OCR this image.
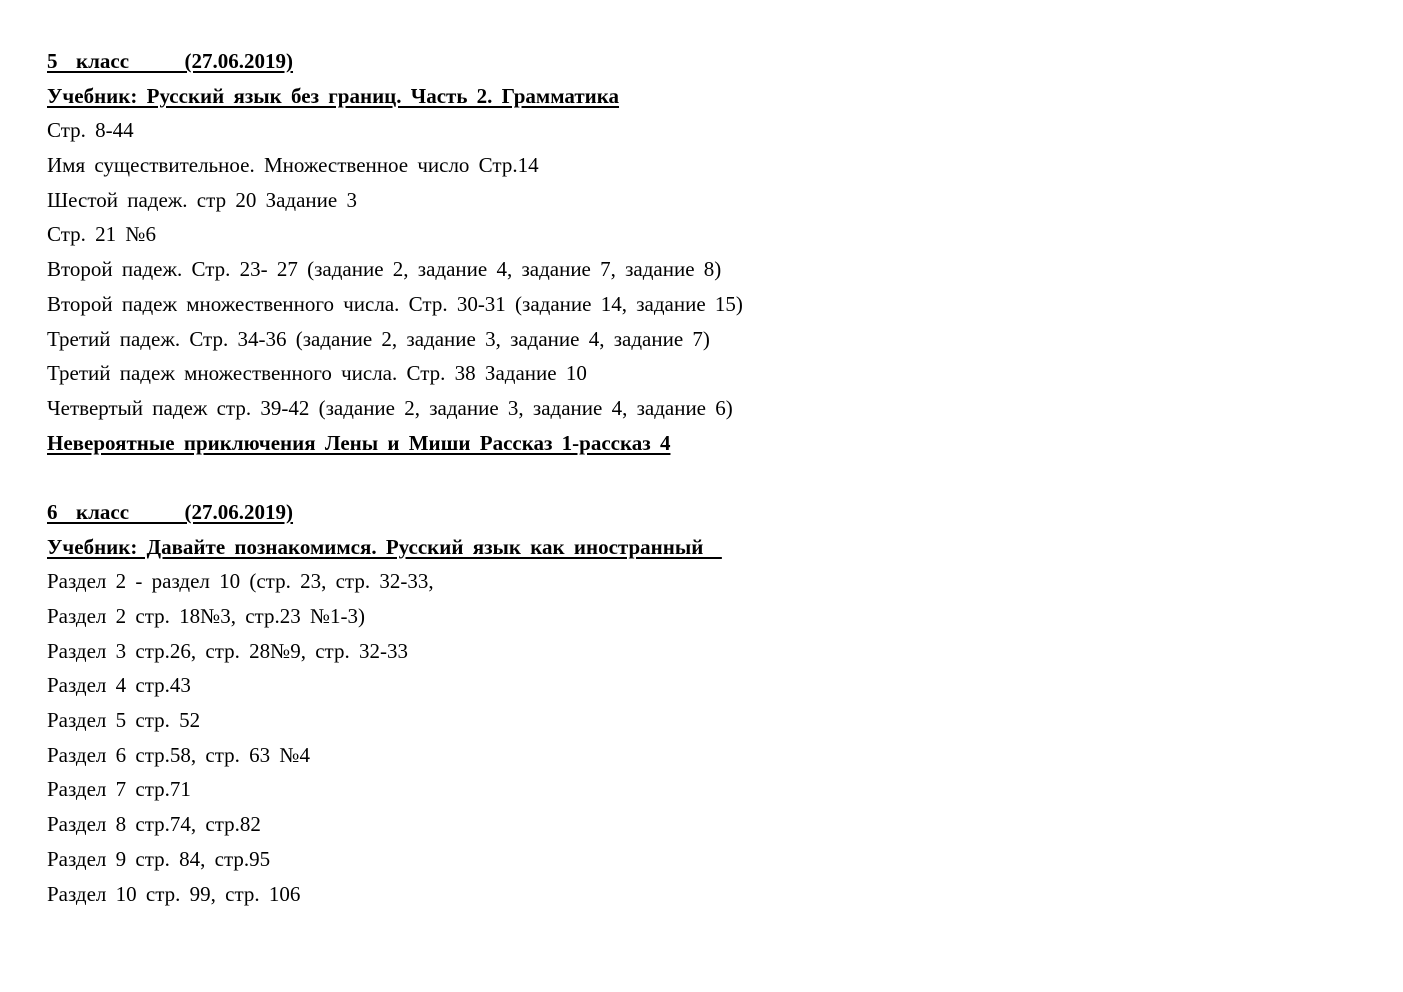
5  класс      (27.06.2019)
Учебник: Русский язык без границ. Часть 2. Грамматика
Стр. 8-44
Имя существительное. Множественное число Стр.14
Шестой падеж. стр 20 Задание 3
Стр. 21 №6
Второй падеж. Стр. 23- 27 (задание 2, задание 4, задание 7, задание 8)
Второй падеж множественного числа. Стр. 30-31 (задание 14, задание 15)
Третий падеж. Стр. 34-36 (задание 2, задание 3, задание 4, задание 7)
Третий падеж множественного числа. Стр. 38 Задание 10
Четвертый падеж стр. 39-42 (задание 2, задание 3, задание 4, задание 6)
Невероятные приключения Лены и Миши Рассказ 1-рассказ 4
6  класс      (27.06.2019)
Учебник: Давайте познакомимся. Русский язык как иностранный
Раздел 2 - раздел 10 (стр. 23, стр. 32-33,
Раздел 2 стр. 18№3, стр.23 №1-3)
Раздел 3 стр.26, стр. 28№9, стр. 32-33
Раздел 4 стр.43
Раздел 5 стр. 52
Раздел 6 стр.58, стр. 63 №4
Раздел 7 стр.71
Раздел 8 стр.74, стр.82
Раздел 9 стр. 84, стр.95
Раздел 10 стр. 99, стр. 106
